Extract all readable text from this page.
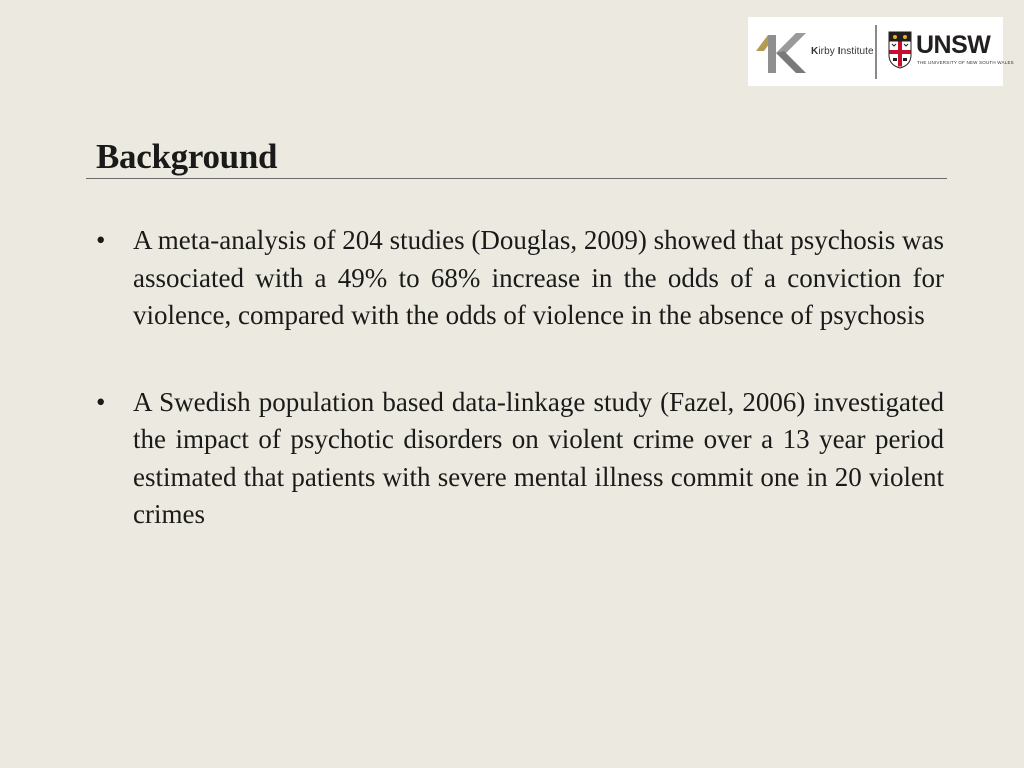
Kirby Institute UNSW
THE UNIVERSITY OF NEW SOUTH WALES
Background
• A meta-analysis of 204 studies (Douglas, 2009) showed that psychosis was associated with a 49% to 68% increase in the odds of a conviction for violence, compared with the odds of violence in the absence of psychosis
• A Swedish population based data-linkage study (Fazel, 2006) investigated the impact of psychotic disorders on violent crime over a 13 year period estimated that patients with severe mental illness commit one in 20 violent crimes
